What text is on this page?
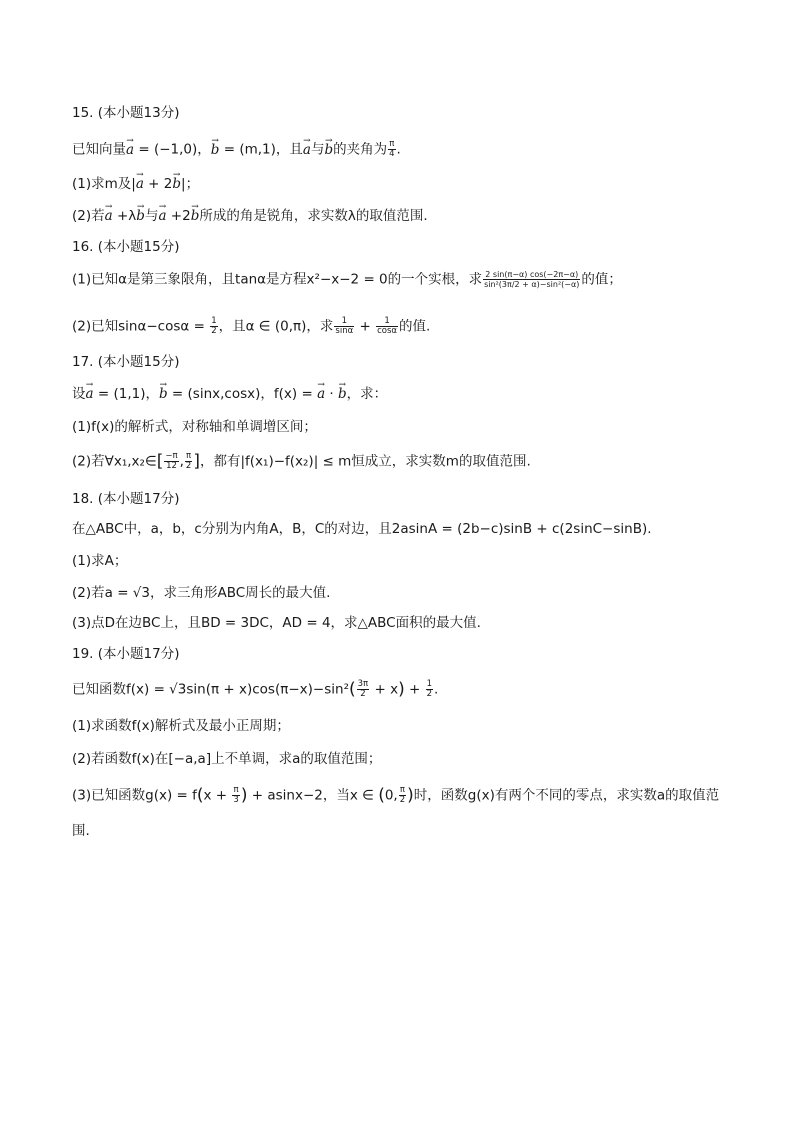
15. (本小题13分)
已知向量→ a = (−1,0)，→ b = (m,1)，且→ a与→ b的夹角为 $\frac{\pi}{4}$ .
(1)求m及|→ a + 2→ b|；
(2)若→ a +λ→ b与→ a +2→ b所成的角是锐角，求实数λ的取值范围.
16. (本小题15分)
(1)已知α是第三象限角，且tanα是方程x²−x−2 = 0的一个实根，求 $\frac{2 \sin(\pi-\alpha) \cos(-2\pi-\alpha)}{\text{sin²(3π/2 + α)−sin²(−α)}}$ 的值；
(2)已知$\sin\alpha-\cos\alpha = \frac{1}{2}$ ，且α ∈ (0,π)，求 $\frac{1}{\sin\alpha} + \frac{1}{\cos\alpha}$ 的值.
17. (本小题15分)
设→ a = (1,1)，→ b = (sinx,cosx)，f(x) = → a · → b，求：
(1)f(x)的解析式，对称轴和单调增区间；
(2)若∀x₁,x₂∈[ $\frac{-\pi}{12}$ , $\frac{\pi}{2}$ ]，都有|f(x₁)−f(x₂)| ≤ m恒成立，求实数m的取值范围.
18. (本小题17分)
在△ABC中，a，b，c分别为内角A，B，C的对边，且2asinA = (2b−c)sinB + c(2sinC−sinB).
(1)求A；
(2)若a = √3，求三角形ABC周长的最大值.
(3)点D在边BC上，且BD = 3DC，AD = 4，求△ABC面积的最大值.
19. (本小题17分)
已知函数$f(x) = √3\sin(\pi + x)\cos(\pi-x)-\sin^2( \frac{3\pi}{2} + x) + \frac{1}{2}$ .
(1)求函数f(x)解析式及最小正周期；
(2)若函数f(x)在[−a,a]上不单调，求a的取值范围；
(3)已知函数$g(x) = f(x + \frac{\pi}{3}$ ) + asinx−2，当x ∈ (0, $\frac{\pi}{2}$ )时，函数g(x)有两个不同的零点，求实数a的取值范
围.
